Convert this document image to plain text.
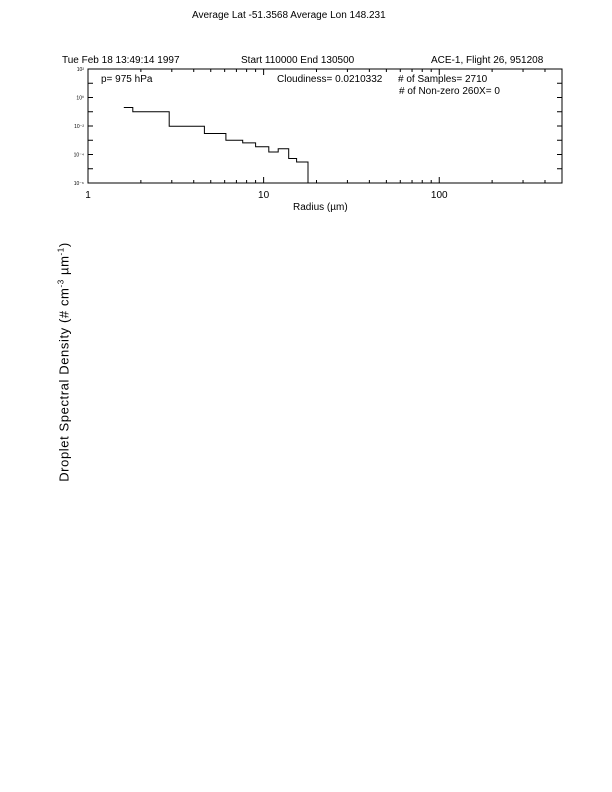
Average Lat -51.3568 Average Lon 148.231
Tue Feb 18 13:49:14 1997	Start 110000 End 130500	ACE-1, Flight 26, 951208
p= 975 hPa	Cloudiness= 0.0210332 # of Samples= 2710
# of Non-zero 260X= 0
1	10	100
10²
10⁰
10⁻²
10⁻⁴
10⁻⁶
Radius (µm)
Droplet Spectral Density (# $cm^{-3}$ µm$^{-1}$)
